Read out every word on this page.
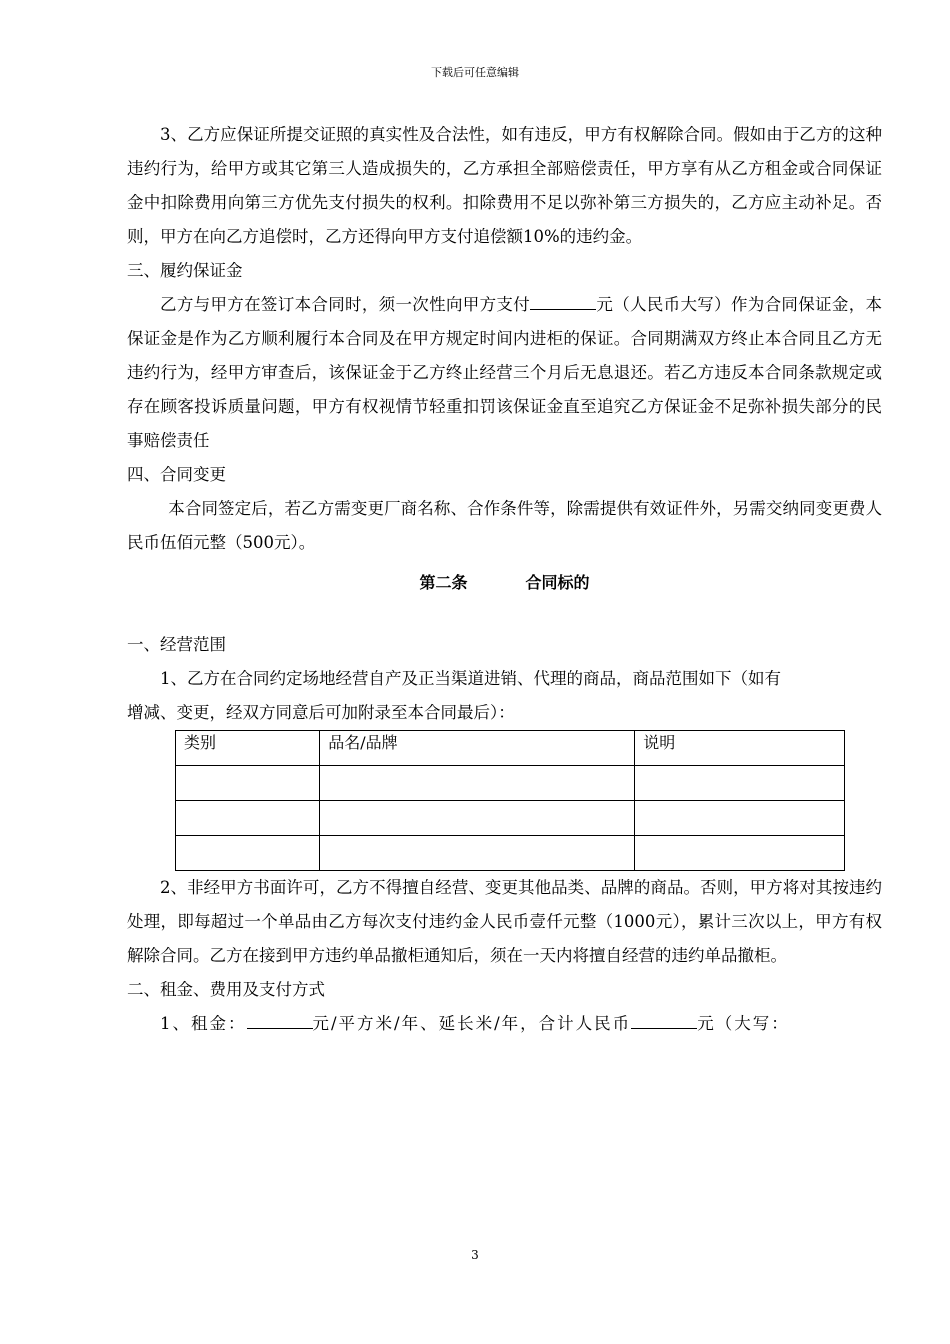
下载后可任意编辑

3、乙方应保证所提交证照的真实性及合法性，如有违反，甲方有权解除合同。假如由于乙方的这种违约行为，给甲方或其它第三人造成损失的，乙方承担全部赔偿责任，甲方享有从乙方租金或合同保证金中扣除费用向第三方优先支付损失的权利。扣除费用不足以弥补第三方损失的，乙方应主动补足。否则，甲方在向乙方追偿时，乙方还得向甲方支付追偿额10%的违约金。

三、履约保证金

乙方与甲方在签订本合同时，须一次性向甲方支付	元（人民币大写）作为合同保证金，本保证金是作为乙方顺利履行本合同及在甲方规定时间内进柜的保证。合同期满双方终止本合同且乙方无违约行为，经甲方审查后，该保证金于乙方终止经营三个月后无息退还。若乙方违反本合同条款规定或存在顾客投诉质量问题，甲方有权视情节轻重扣罚该保证金直至追究乙方保证金不足弥补损失部分的民事赔偿责任

四、合同变更

本合同签定后，若乙方需变更厂商名称、合作条件等，除需提供有效证件外，另需交纳同变更费人民币伍佰元整（500元）。

第二条	合同标的

一、经营范围

1、乙方在合同约定场地经营自产及正当渠道进销、代理的商品，商品范围如下（如有

增减、变更，经双方同意后可加附录至本合同最后）：

类别	品名/品牌	说明

2、非经甲方书面许可，乙方不得擅自经营、变更其他品类、品牌的商品。否则，甲方将对其按违约处理，即每超过一个单品由乙方每次支付违约金人民币壹仟元整（1000元），累计三次以上，甲方有权解除合同。乙方在接到甲方违约单品撤柜通知后，须在一天内将擅自经营的违约单品撤柜。

二、租金、费用及支付方式

1、租金：	元/平方米/年、延长米/年，合计人民币	元（大写：

3
